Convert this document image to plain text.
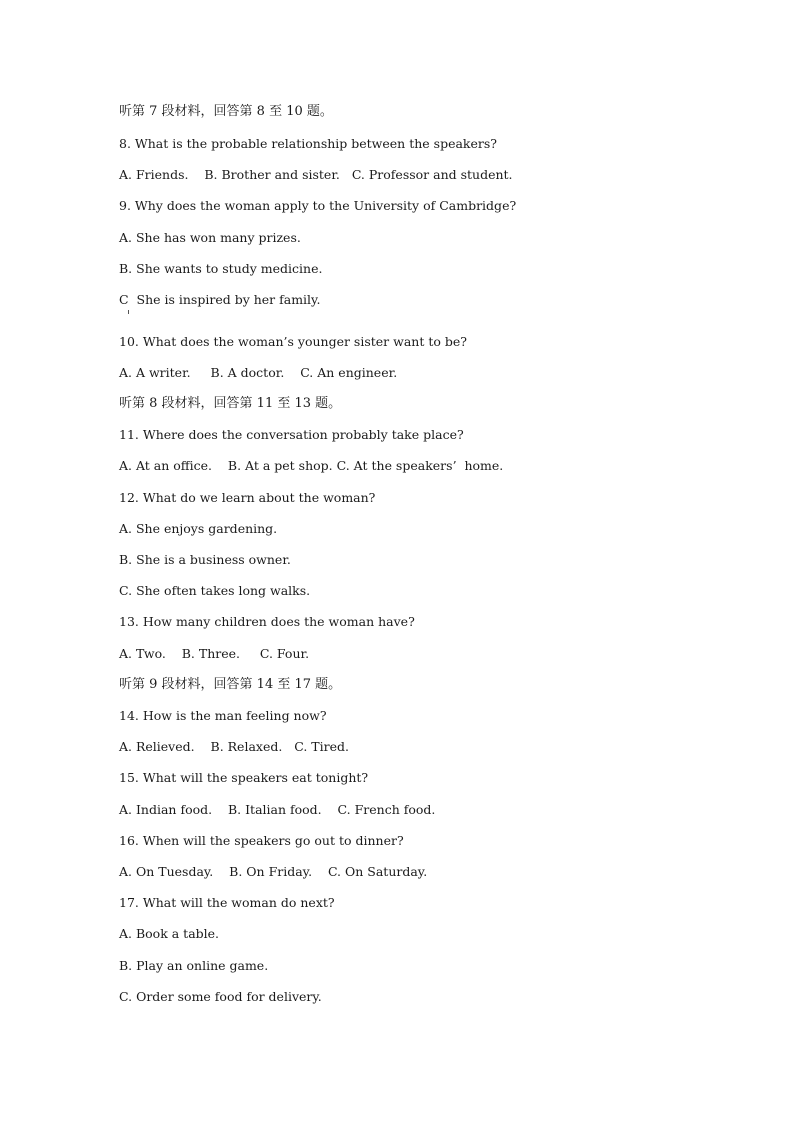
听第 7 段材料，回答第 8 至 10 题。
8. What is the probable relationship between the speakers?
A. Friends.    B. Brother and sister.   C. Professor and student.
9. Why does the woman apply to the University of Cambridge?
A. She has won many prizes.
B. She wants to study medicine.
C  She is inspired by her family.
10. What does the woman’s younger sister want to be?
A. A writer.     B. A doctor.    C. An engineer.
听第 8 段材料，回答第 11 至 13 题。
11. Where does the conversation probably take place?
A. At an office.    B. At a pet shop. C. At the speakers’  home.
12. What do we learn about the woman?
A. She enjoys gardening.
B. She is a business owner.
C. She often takes long walks.
13. How many children does the woman have?
A. Two.    B. Three.     C. Four.
听第 9 段材料，回答第 14 至 17 题。
14. How is the man feeling now?
A. Relieved.    B. Relaxed.   C. Tired.
15. What will the speakers eat tonight?
A. Indian food.    B. Italian food.    C. French food.
16. When will the speakers go out to dinner?
A. On Tuesday.    B. On Friday.    C. On Saturday.
17. What will the woman do next?
A. Book a table.
B. Play an online game.
C. Order some food for delivery.
